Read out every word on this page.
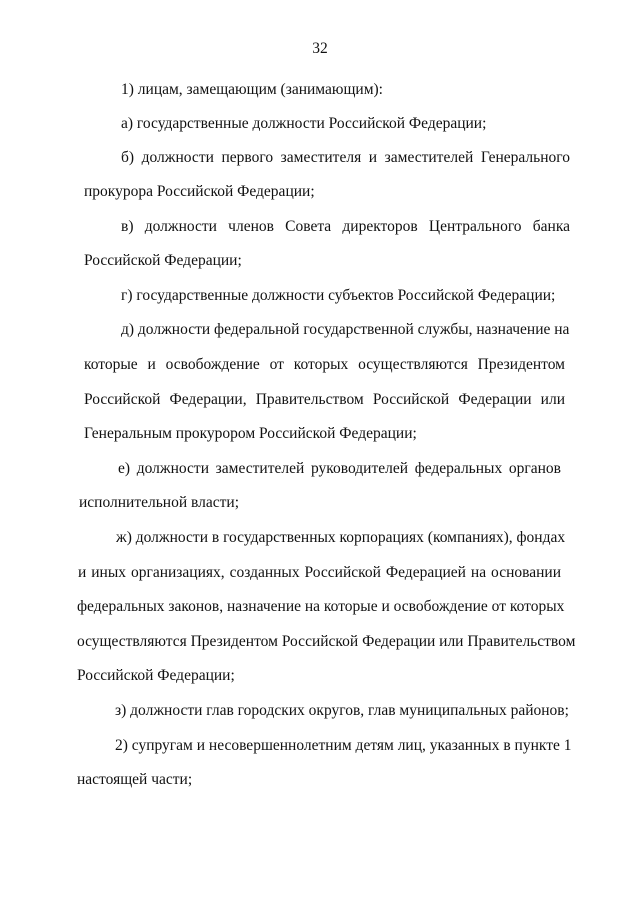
32
1) лицам, замещающим (занимающим):
а) государственные должности Российской Федерации;
б) должности первого заместителя и заместителей Генерального
прокурора Российской Федерации;
в) должности членов Совета директоров Центрального банка
Российской Федерации;
г) государственные должности субъектов Российской Федерации;
д) должности федеральной государственной службы, назначение на
которые и освобождение от которых осуществляются Президентом
Российской Федерации, Правительством Российской Федерации или
Генеральным прокурором Российской Федерации;
е) должности заместителей руководителей федеральных органов
исполнительной власти;
ж) должности в государственных корпорациях (компаниях), фондах
и иных организациях, созданных Российской Федерацией на основании
федеральных законов, назначение на которые и освобождение от которых
осуществляются Президентом Российской Федерации или Правительством
Российской Федерации;
з) должности глав городских округов, глав муниципальных районов;
2) супругам и несовершеннолетним детям лиц, указанных в пункте 1
настоящей части;
